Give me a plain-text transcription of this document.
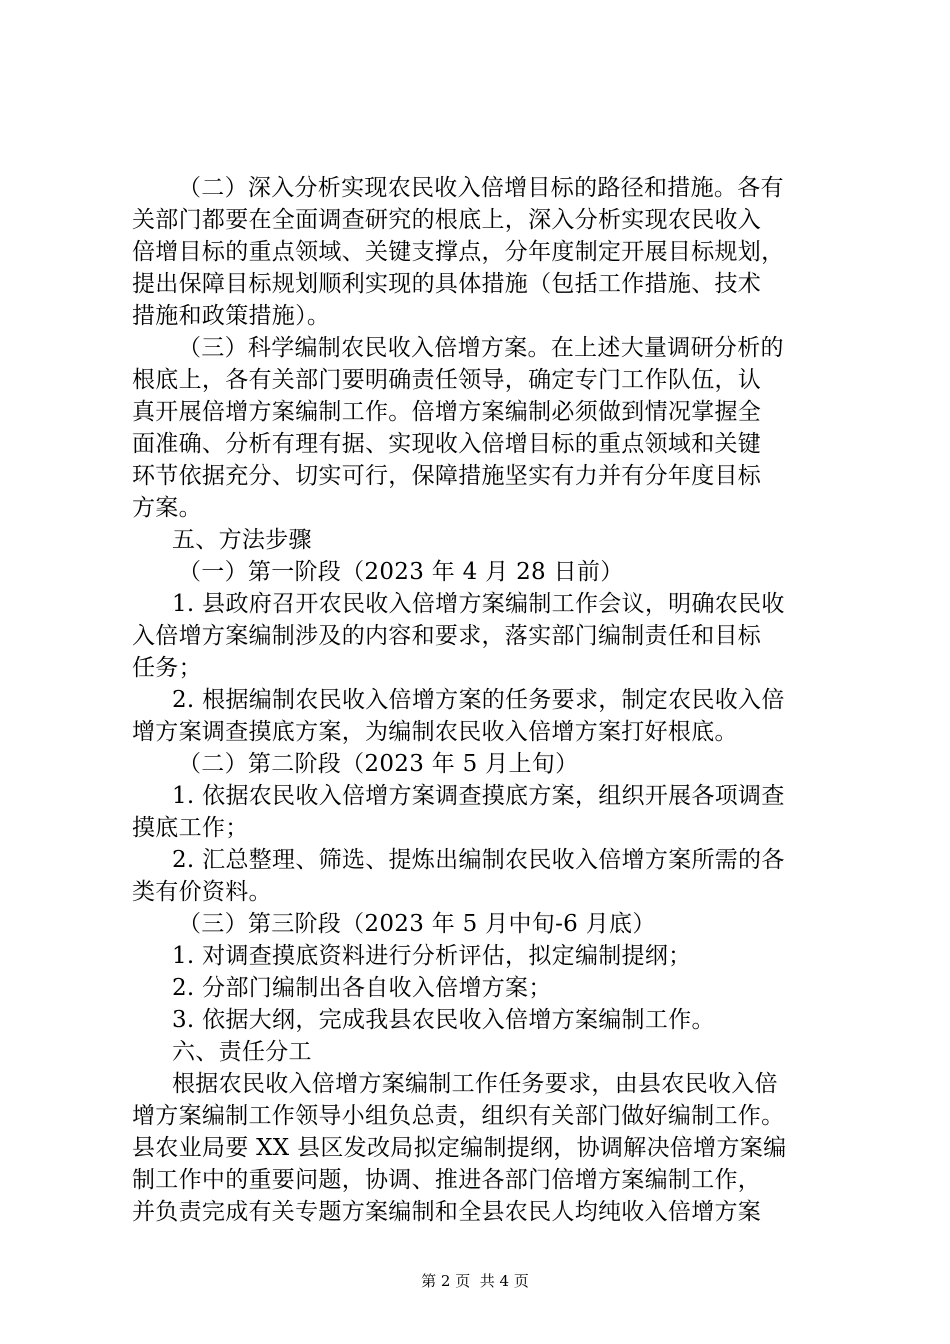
（二）深入分析实现农民收入倍增目标的路径和措施。各有
关部门都要在全面调查研究的根底上，深入分析实现农民收入
倍增目标的重点领域、关键支撑点，分年度制定开展目标规划，
提出保障目标规划顺利实现的具体措施（包括工作措施、技术
措施和政策措施）。
（三）科学编制农民收入倍增方案。在上述大量调研分析的
根底上，各有关部门要明确责任领导，确定专门工作队伍，认
真开展倍增方案编制工作。倍增方案编制必须做到情况掌握全
面准确、分析有理有据、实现收入倍增目标的重点领域和关键
环节依据充分、切实可行，保障措施坚实有力并有分年度目标
方案。
五、方法步骤
（一）第一阶段（2023 年 4 月 28 日前）
1. 县政府召开农民收入倍增方案编制工作会议，明确农民收
入倍增方案编制涉及的内容和要求，落实部门编制责任和目标
任务；
2. 根据编制农民收入倍增方案的任务要求，制定农民收入倍
增方案调查摸底方案，为编制农民收入倍增方案打好根底。
（二）第二阶段（2023 年 5 月上旬）
1. 依据农民收入倍增方案调查摸底方案，组织开展各项调查
摸底工作；
2. 汇总整理、筛选、提炼出编制农民收入倍增方案所需的各
类有价资料。
（三）第三阶段（2023 年 5 月中旬-6 月底）
1. 对调查摸底资料进行分析评估，拟定编制提纲；
2. 分部门编制出各自收入倍增方案；
3. 依据大纲，完成我县农民收入倍增方案编制工作。
六、责任分工
根据农民收入倍增方案编制工作任务要求，由县农民收入倍
增方案编制工作领导小组负总责，组织有关部门做好编制工作。
县农业局要 XX 县区发改局拟定编制提纲，协调解决倍增方案编
制工作中的重要问题，协调、推进各部门倍增方案编制工作，
并负责完成有关专题方案编制和全县农民人均纯收入倍增方案
第 2 页  共 4 页
